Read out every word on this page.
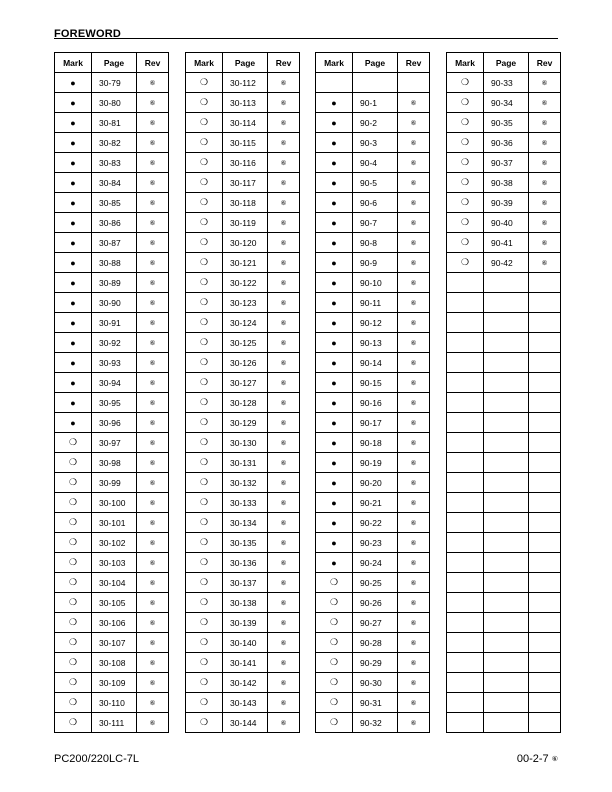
FOREWORD
Mark	Page	Rev
●	30-79	⑥
●	30-80	⑥
●	30-81	⑥
●	30-82	⑥
●	30-83	⑥
●	30-84	⑥
●	30-85	⑥
●	30-86	⑥
●	30-87	⑥
●	30-88	⑥
●	30-89	⑥
●	30-90	⑥
●	30-91	⑥
●	30-92	⑥
●	30-93	⑥
●	30-94	⑥
●	30-95	⑥
●	30-96	⑥
❍	30-97	⑥
❍	30-98	⑥
❍	30-99	⑥
❍	30-100	⑥
❍	30-101	⑥
❍	30-102	⑥
❍	30-103	⑥
❍	30-104	⑥
❍	30-105	⑥
❍	30-106	⑥
❍	30-107	⑥
❍	30-108	⑥
❍	30-109	⑥
❍	30-110	⑥
❍	30-111	⑥
Mark	Page	Rev
❍	30-112	⑥
❍	30-113	⑥
❍	30-114	⑥
❍	30-115	⑥
❍	30-116	⑥
❍	30-117	⑥
❍	30-118	⑥
❍	30-119	⑥
❍	30-120	⑥
❍	30-121	⑥
❍	30-122	⑥
❍	30-123	⑥
❍	30-124	⑥
❍	30-125	⑥
❍	30-126	⑥
❍	30-127	⑥
❍	30-128	⑥
❍	30-129	⑥
❍	30-130	⑥
❍	30-131	⑥
❍	30-132	⑥
❍	30-133	⑥
❍	30-134	⑥
❍	30-135	⑥
❍	30-136	⑥
❍	30-137	⑥
❍	30-138	⑥
❍	30-139	⑥
❍	30-140	⑥
❍	30-141	⑥
❍	30-142	⑥
❍	30-143	⑥
❍	30-144	⑥
Mark	Page	Rev

●	90-1	⑥
●	90-2	⑥
●	90-3	⑥
●	90-4	⑥
●	90-5	⑥
●	90-6	⑥
●	90-7	⑥
●	90-8	⑥
●	90-9	⑥
●	90-10	⑥
●	90-11	⑥
●	90-12	⑥
●	90-13	⑥
●	90-14	⑥
●	90-15	⑥
●	90-16	⑥
●	90-17	⑥
●	90-18	⑥
●	90-19	⑥
●	90-20	⑥
●	90-21	⑥
●	90-22	⑥
●	90-23	⑥
●	90-24	⑥
❍	90-25	⑥
❍	90-26	⑥
❍	90-27	⑥
❍	90-28	⑥
❍	90-29	⑥
❍	90-30	⑥
❍	90-31	⑥
❍	90-32	⑥
Mark	Page	Rev
❍	90-33	⑥
❍	90-34	⑥
❍	90-35	⑥
❍	90-36	⑥
❍	90-37	⑥
❍	90-38	⑥
❍	90-39	⑥
❍	90-40	⑥
❍	90-41	⑥
❍	90-42	⑥

PC200/220LC-7L	00-2-7 ⑥
